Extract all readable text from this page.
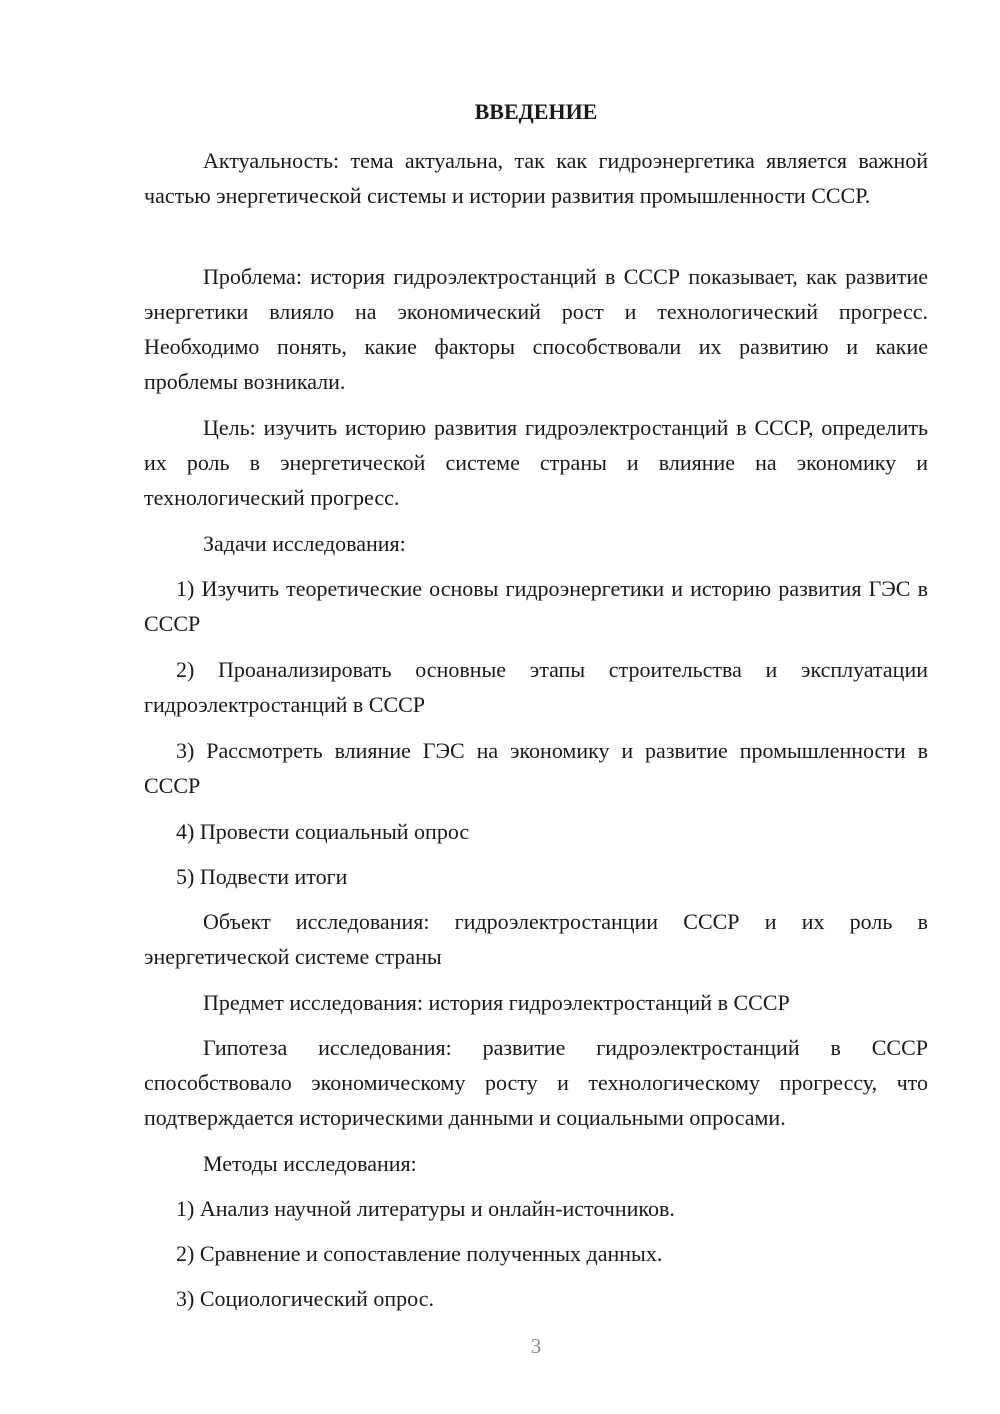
ВВЕДЕНИЕ

Актуальность: тема актуальна, так как гидроэнергетика является важной частью энергетической системы и истории развития промышленности СССР.

Проблема: история гидроэлектростанций в СССР показывает, как развитие энергетики влияло на экономический рост и технологический прогресс. Необходимо понять, какие факторы способствовали их развитию и какие проблемы возникали.

Цель: изучить историю развития гидроэлектростанций в СССР, определить их роль в энергетической системе страны и влияние на экономику и технологический прогресс.

Задачи исследования:

1) Изучить теоретические основы гидроэнергетики и историю развития ГЭС в СССР

2) Проанализировать основные этапы строительства и эксплуатации гидроэлектростанций в СССР

3) Рассмотреть влияние ГЭС на экономику и развитие промышленности в СССР

4) Провести социальный опрос

5) Подвести итоги

Объект исследования: гидроэлектростанции СССР и их роль в энергетической системе страны

Предмет исследования: история гидроэлектростанций в СССР

Гипотеза исследования: развитие гидроэлектростанций в СССР способствовало экономическому росту и технологическому прогрессу, что подтверждается историческими данными и социальными опросами.

Методы исследования:

1) Анализ научной литературы и онлайн-источников.

2) Сравнение и сопоставление полученных данных.

3) Социологический опрос.

3
